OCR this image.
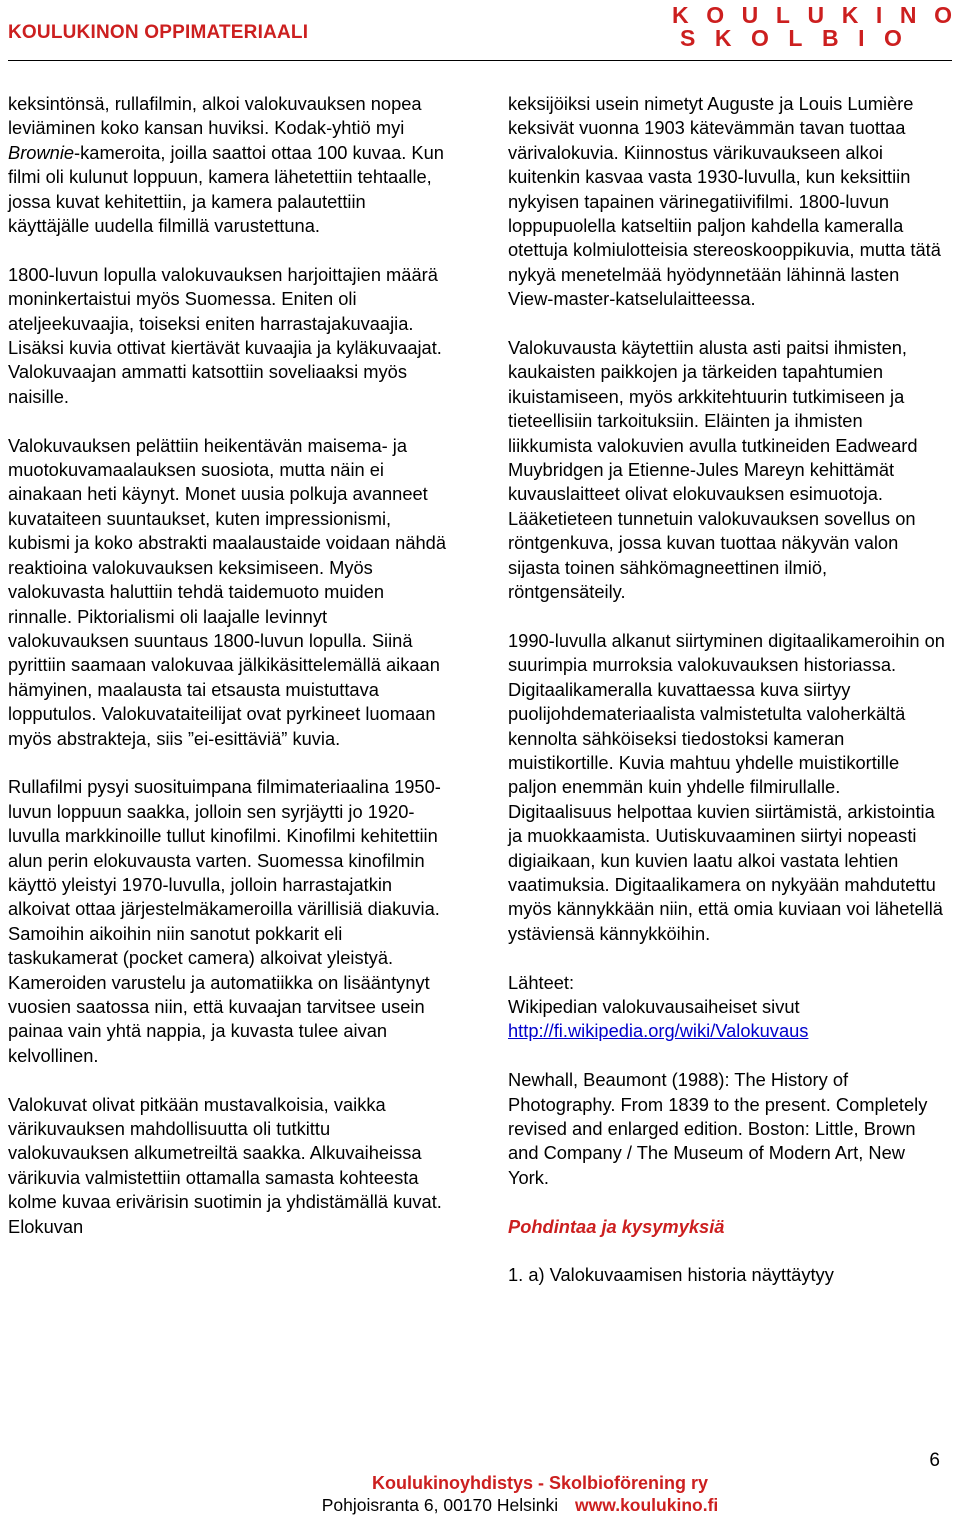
KOULUKINON OPPIMATERIAALI
K O U L U K I N O
S K O L B I O

keksintönsä, rullafilmin, alkoi valokuvauksen nopea leviäminen koko kansan huviksi. Kodak-yhtiö myi Brownie-kameroita, joilla saattoi ottaa 100 kuvaa. Kun filmi oli kulunut loppuun, kamera lähetettiin tehtaalle, jossa kuvat kehitettiin, ja kamera palautettiin käyttäjälle uudella filmillä varustettuna.

1800-luvun lopulla valokuvauksen harjoittajien määrä moninkertaistui myös Suomessa. Eniten oli ateljeekuvaajia, toiseksi eniten harrastajakuvaajia. Lisäksi kuvia ottivat kiertävät kuvaajia ja kyläkuvaajat. Valokuvaajan ammatti katsottiin soveliaaksi myös naisille.

Valokuvauksen pelättiin heikentävän maisema- ja muotokuvamaalauksen suosiota, mutta näin ei ainakaan heti käynyt. Monet uusia polkuja avanneet kuvataiteen suuntaukset, kuten impressionismi, kubismi ja koko abstrakti maalaustaide voidaan nähdä reaktioina valokuvauksen keksimiseen. Myös valokuvasta haluttiin tehdä taidemuoto muiden rinnalle. Piktorialismi oli laajalle levinnyt valokuvauksen suuntaus 1800-luvun lopulla. Siinä pyrittiin saamaan valokuvaa jälkikäsittelemällä aikaan hämyinen, maalausta tai etsausta muistuttava lopputulos. Valokuvataiteilijat ovat pyrkineet luomaan myös abstrakteja, siis ”ei-esittäviä” kuvia.

Rullafilmi pysyi suosituimpana filmimateriaalina 1950-luvun loppuun saakka, jolloin sen syrjäytti jo 1920-luvulla markkinoille tullut kinofilmi. Kinofilmi kehitettiin alun perin elokuvausta varten. Suomessa kinofilmin käyttö yleistyi 1970-luvulla, jolloin harrastajatkin alkoivat ottaa järjestelmäkameroilla värillisiä diakuvia. Samoihin aikoihin niin sanotut pokkarit eli taskukamerat (pocket camera) alkoivat yleistyä. Kameroiden varustelu ja automatiikka on lisääntynyt vuosien saatossa niin, että kuvaajan tarvitsee usein painaa vain yhtä nappia, ja kuvasta tulee aivan kelvollinen.

Valokuvat olivat pitkään mustavalkoisia, vaikka värikuvauksen mahdollisuutta oli tutkittu valokuvauksen alkumetreiltä saakka. Alkuvaiheissa värikuvia valmistettiin ottamalla samasta kohteesta kolme kuvaa erivärisin suotimin ja yhdistämällä kuvat. Elokuvan

keksijöiksi usein nimetyt Auguste ja Louis Lumière keksivät vuonna 1903 kätevämmän tavan tuottaa värivalokuvia. Kiinnostus värikuvaukseen alkoi kuitenkin kasvaa vasta 1930-luvulla, kun keksittiin nykyisen tapainen värinegatiivifilmi. 1800-luvun loppupuolella katseltiin paljon kahdella kameralla otettuja kolmiulotteisia stereoskooppikuvia, mutta tätä nykyä menetelmää hyödynnetään lähinnä lasten View-master-katselulaitteessa.

Valokuvausta käytettiin alusta asti paitsi ihmisten, kaukaisten paikkojen ja tärkeiden tapahtumien ikuistamiseen, myös arkkitehtuurin tutkimiseen ja tieteellisiin tarkoituksiin. Eläinten ja ihmisten liikkumista valokuvien avulla tutkineiden Eadweard Muybridgen ja Etienne-Jules Mareyn kehittämät kuvauslaitteet olivat elokuvauksen esimuotoja. Lääketieteen tunnetuin valokuvauksen sovellus on röntgenkuva, jossa kuvan tuottaa näkyvän valon sijasta toinen sähkömagneettinen ilmiö, röntgensäteily.

1990-luvulla alkanut siirtyminen digitaalikameroihin on suurimpia murroksia valokuvauksen historiassa. Digitaalikameralla kuvattaessa kuva siirtyy puolijohdemateriaalista valmistetulta valoherkältä kennolta sähköiseksi tiedostoksi kameran muistikortille. Kuvia mahtuu yhdelle muistikortille paljon enemmän kuin yhdelle filmirullalle. Digitaalisuus helpottaa kuvien siirtämistä, arkistointia ja muokkaamista. Uutiskuvaaminen siirtyi nopeasti digiaikaan, kun kuvien laatu alkoi vastata lehtien vaatimuksia. Digitaalikamera on nykyään mahdutettu myös kännykkään niin, että omia kuviaan voi lähetellä ystäviensä kännykköihin.

Lähteet:
Wikipedian valokuvausaiheiset sivut
http://fi.wikipedia.org/wiki/Valokuvaus

Newhall, Beaumont (1988): The History of Photography. From 1839 to the present. Completely revised and enlarged edition. Boston: Little, Brown and Company / The Museum of Modern Art, New York.

Pohdintaa ja kysymyksiä

1. a) Valokuvaamisen historia näyttäytyy

6
Koulukinoyhdistys - Skolbioförening ry
Pohjoisranta 6, 00170 Helsinki www.koulukino.fi
